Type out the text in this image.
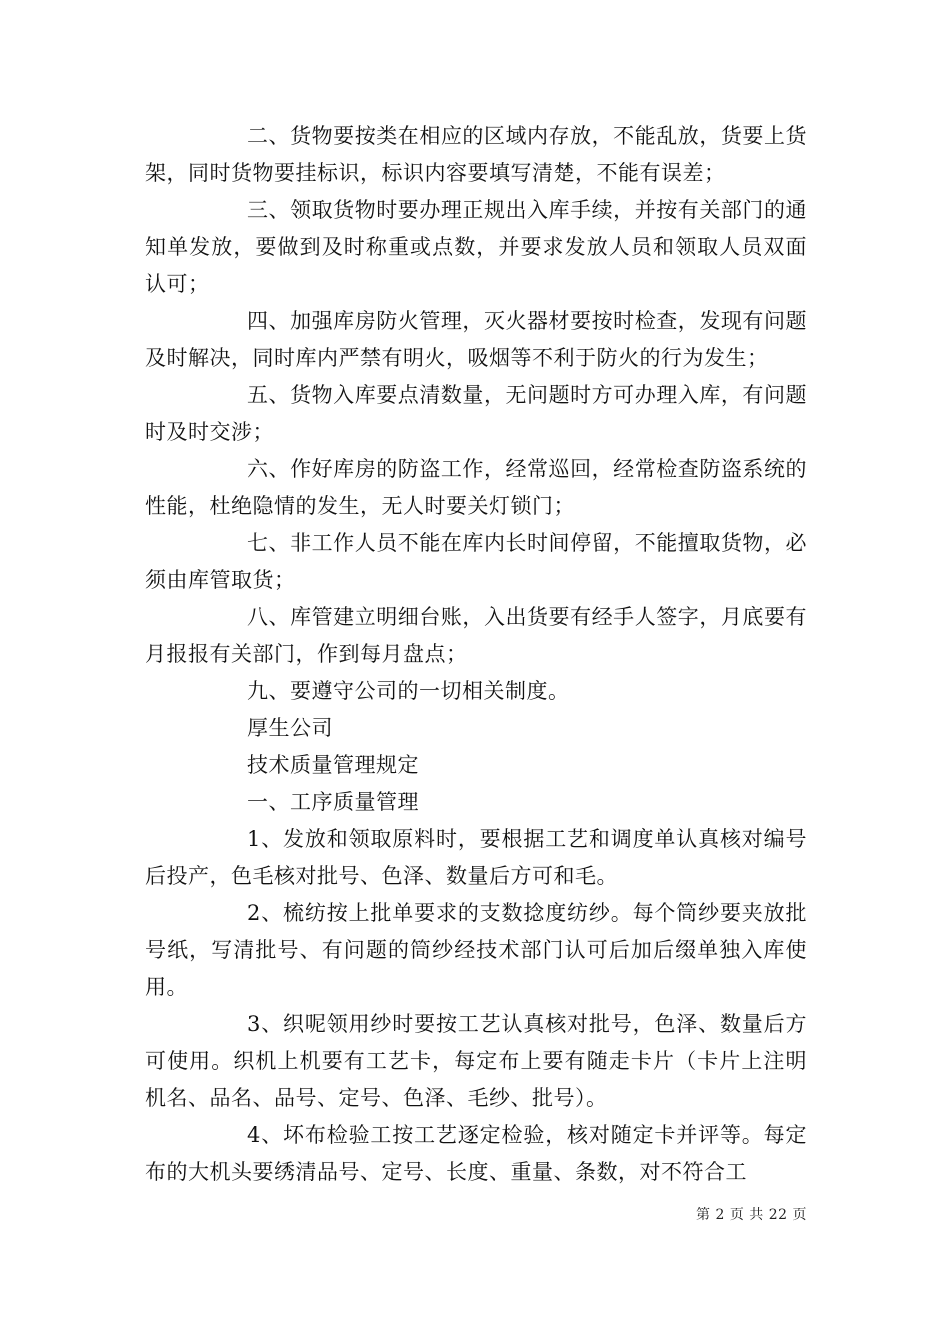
二、货物要按类在相应的区域内存放，不能乱放，货要上货架，同时货物要挂标识，标识内容要填写清楚，不能有误差；

三、领取货物时要办理正规出入库手续，并按有关部门的通知单发放，要做到及时称重或点数，并要求发放人员和领取人员双面认可；

四、加强库房防火管理，灭火器材要按时检查，发现有问题及时解决，同时库内严禁有明火，吸烟等不利于防火的行为发生；

五、货物入库要点清数量，无问题时方可办理入库，有问题时及时交涉；

六、作好库房的防盗工作，经常巡回，经常检查防盗系统的性能，杜绝隐情的发生，无人时要关灯锁门；

七、非工作人员不能在库内长时间停留，不能擅取货物，必须由库管取货；

八、库管建立明细台账，入出货要有经手人签字，月底要有月报报有关部门，作到每月盘点；

九、要遵守公司的一切相关制度。

厚生公司

技术质量管理规定

一、工序质量管理

1、发放和领取原料时，要根据工艺和调度单认真核对编号后投产，色毛核对批号、色泽、数量后方可和毛。

2、梳纺按上批单要求的支数捻度纺纱。每个筒纱要夹放批号纸，写清批号、有问题的筒纱经技术部门认可后加后缀单独入库使用。

3、织呢领用纱时要按工艺认真核对批号，色泽、数量后方可使用。织机上机要有工艺卡，每定布上要有随走卡片（卡片上注明机名、品名、品号、定号、色泽、毛纱、批号）。

4、坏布检验工按工艺逐定检验，核对随定卡并评等。每定布的大机头要绣清品号、定号、长度、重量、条数，对不符合工

第 2 页 共 22 页
